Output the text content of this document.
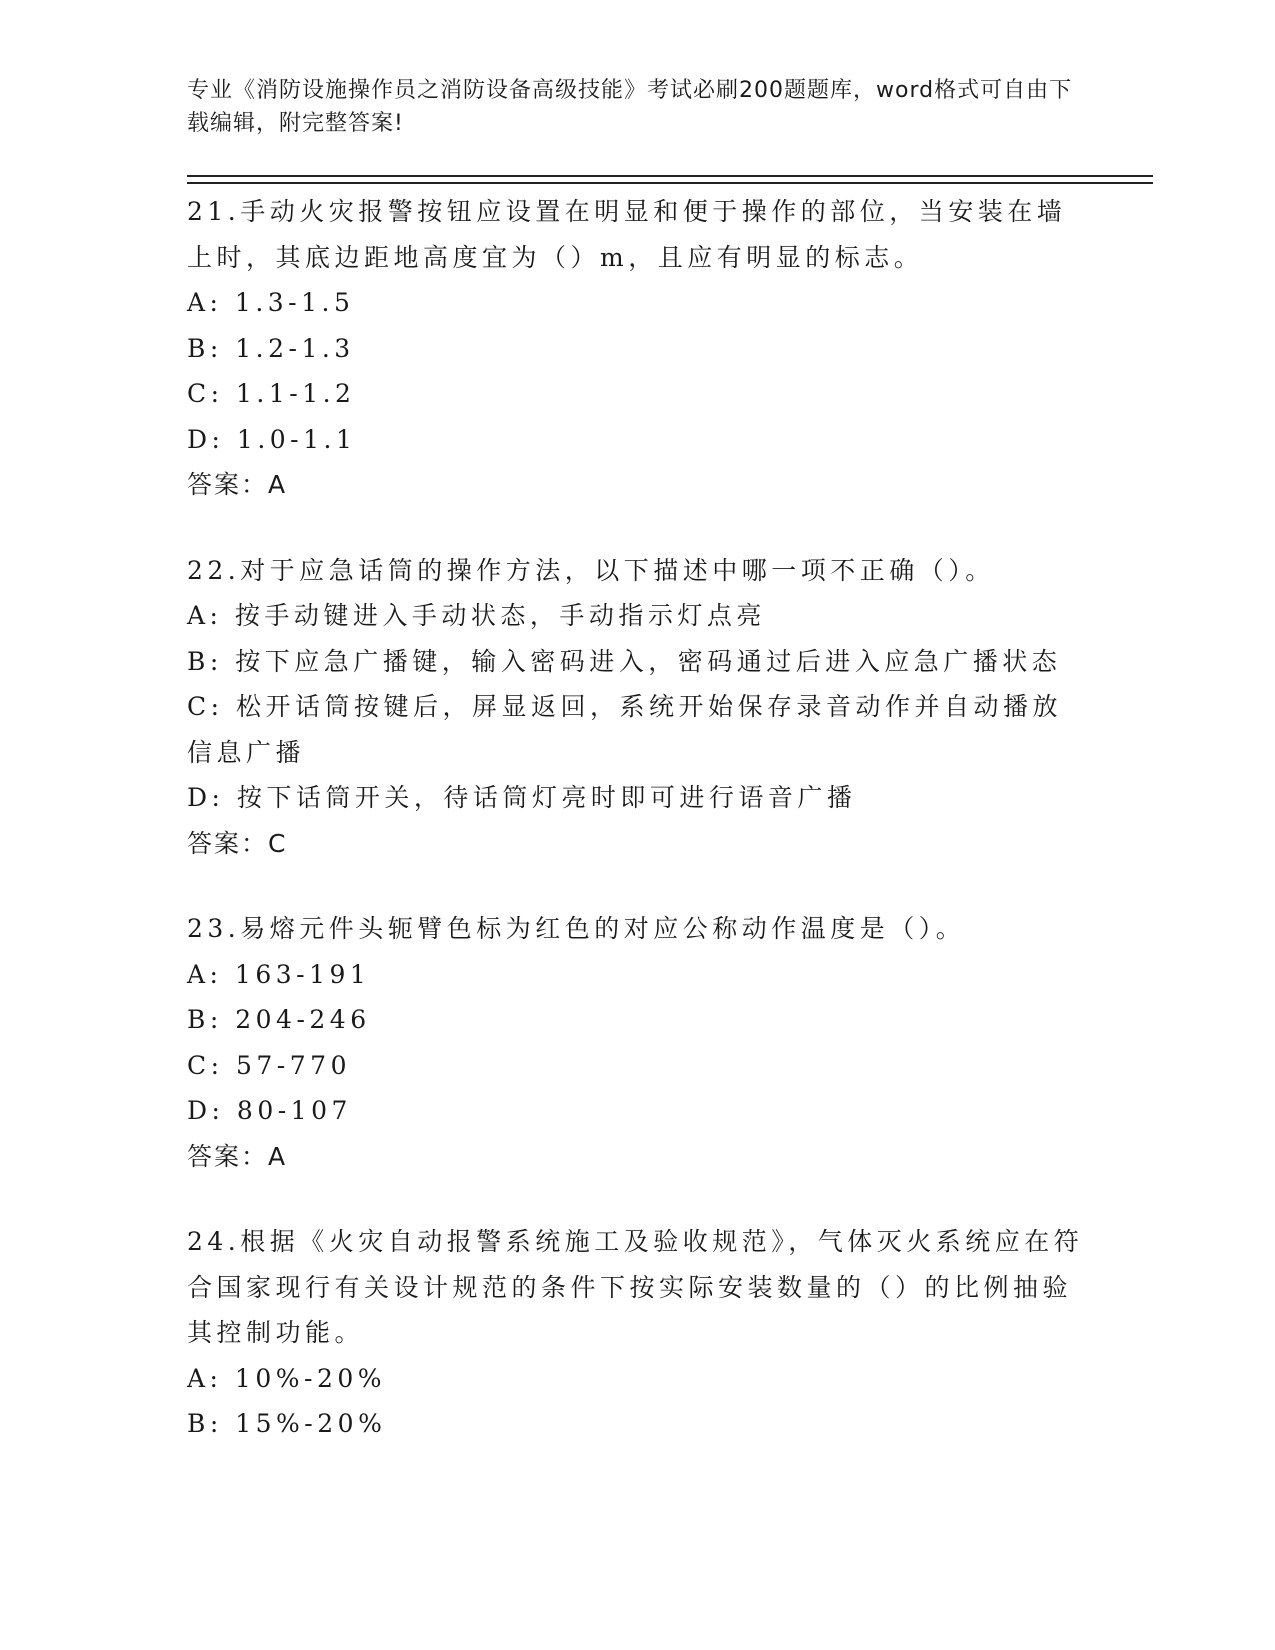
专业《消防设施操作员之消防设备高级技能》考试必刷200题题库，word格式可自由下载编辑，附完整答案!
21.手动火灾报警按钮应设置在明显和便于操作的部位，当安装在墙上时，其底边距地高度宜为（）m，且应有明显的标志。
A: 1.3-1.5
B: 1.2-1.3
C: 1.1-1.2
D: 1.0-1.1
答案：A
22.对于应急话筒的操作方法，以下描述中哪一项不正确（）。
A: 按手动键进入手动状态，手动指示灯点亮
B: 按下应急广播键，输入密码进入，密码通过后进入应急广播状态
C: 松开话筒按键后，屏显返回，系统开始保存录音动作并自动播放信息广播
D: 按下话筒开关，待话筒灯亮时即可进行语音广播
答案：C
23.易熔元件头轭臂色标为红色的对应公称动作温度是（）。
A: 163-191
B: 204-246
C: 57-770
D: 80-107
答案：A
24.根据《火灾自动报警系统施工及验收规范》，气体灭火系统应在符合国家现行有关设计规范的条件下按实际安装数量的（）的比例抽验其控制功能。
A: 10%-20%
B: 15%-20%
